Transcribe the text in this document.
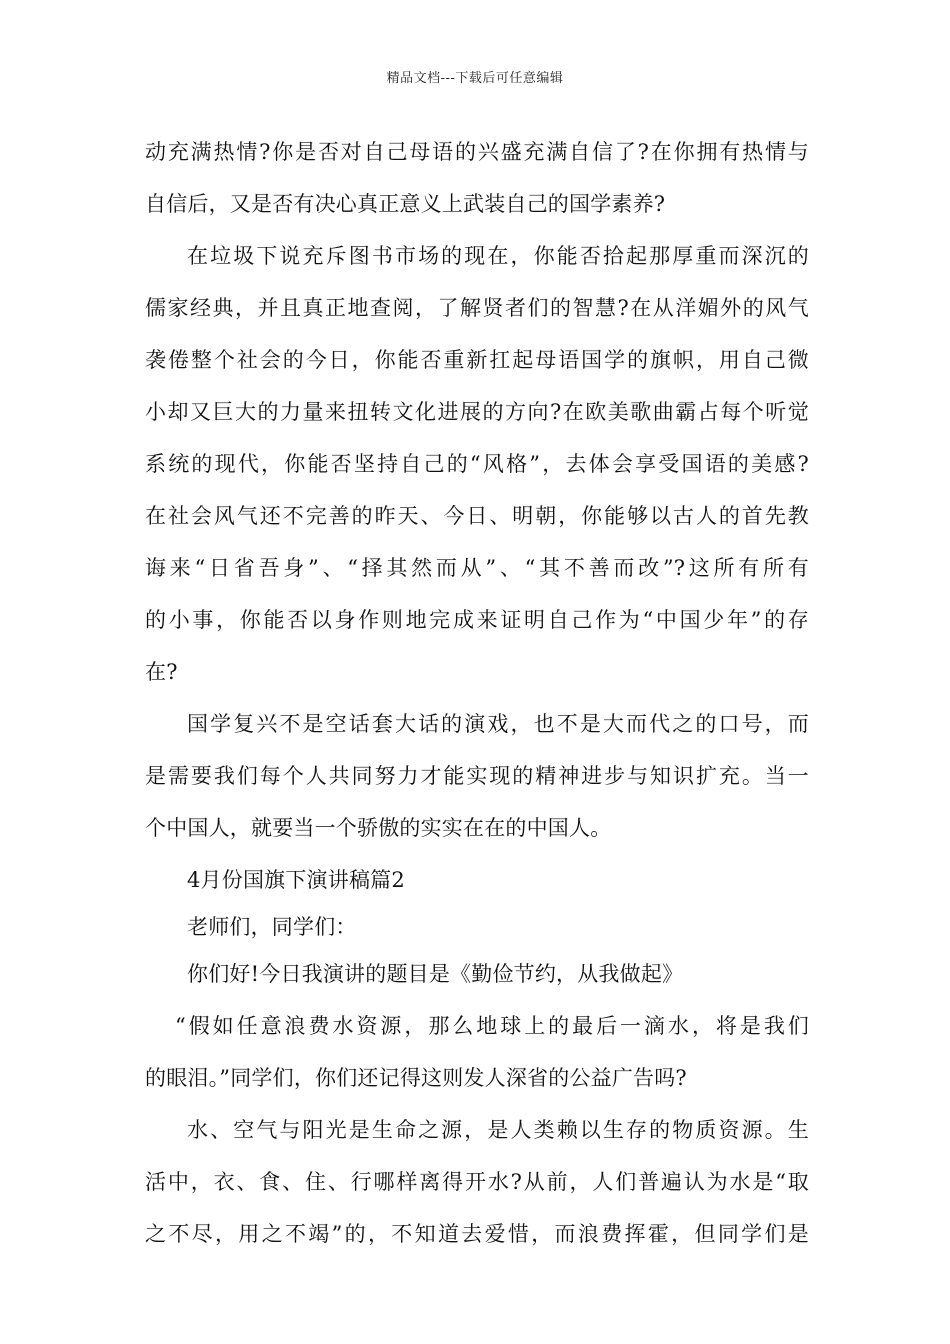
精品文档---下载后可任意编辑
动充满热情?你是否对自己母语的兴盛充满自信了?在你拥有热情与
自信后，又是否有决心真正意义上武装自己的国学素养?
在垃圾下说充斥图书市场的现在，你能否拾起那厚重而深沉的
儒家经典，并且真正地查阅，了解贤者们的智慧?在从洋媚外的风气
袭倦整个社会的今日，你能否重新扛起母语国学的旗帜，用自己微
小却又巨大的力量来扭转文化进展的方向?在欧美歌曲霸占每个听觉
系统的现代，你能否坚持自己的“风格”，去体会享受国语的美感?
在社会风气还不完善的昨天、今日、明朝，你能够以古人的首先教
诲来“日省吾身”、“择其然而从”、“其不善而改”?这所有所有
的小事，你能否以身作则地完成来证明自己作为“中国少年”的存
在?
国学复兴不是空话套大话的演戏，也不是大而代之的口号，而
是需要我们每个人共同努力才能实现的精神进步与知识扩充。当一
个中国人，就要当一个骄傲的实实在在的中国人。
4月份国旗下演讲稿篇2
老师们，同学们：
你们好!今日我演讲的题目是《勤俭节约，从我做起》
“假如任意浪费水资源，那么地球上的最后一滴水，将是我们
的眼泪。”同学们，你们还记得这则发人深省的公益广告吗?
水、空气与阳光是生命之源，是人类赖以生存的物质资源。生
活中，衣、食、住、行哪样离得开水?从前，人们普遍认为水是“取
之不尽，用之不竭”的，不知道去爱惜，而浪费挥霍，但同学们是
